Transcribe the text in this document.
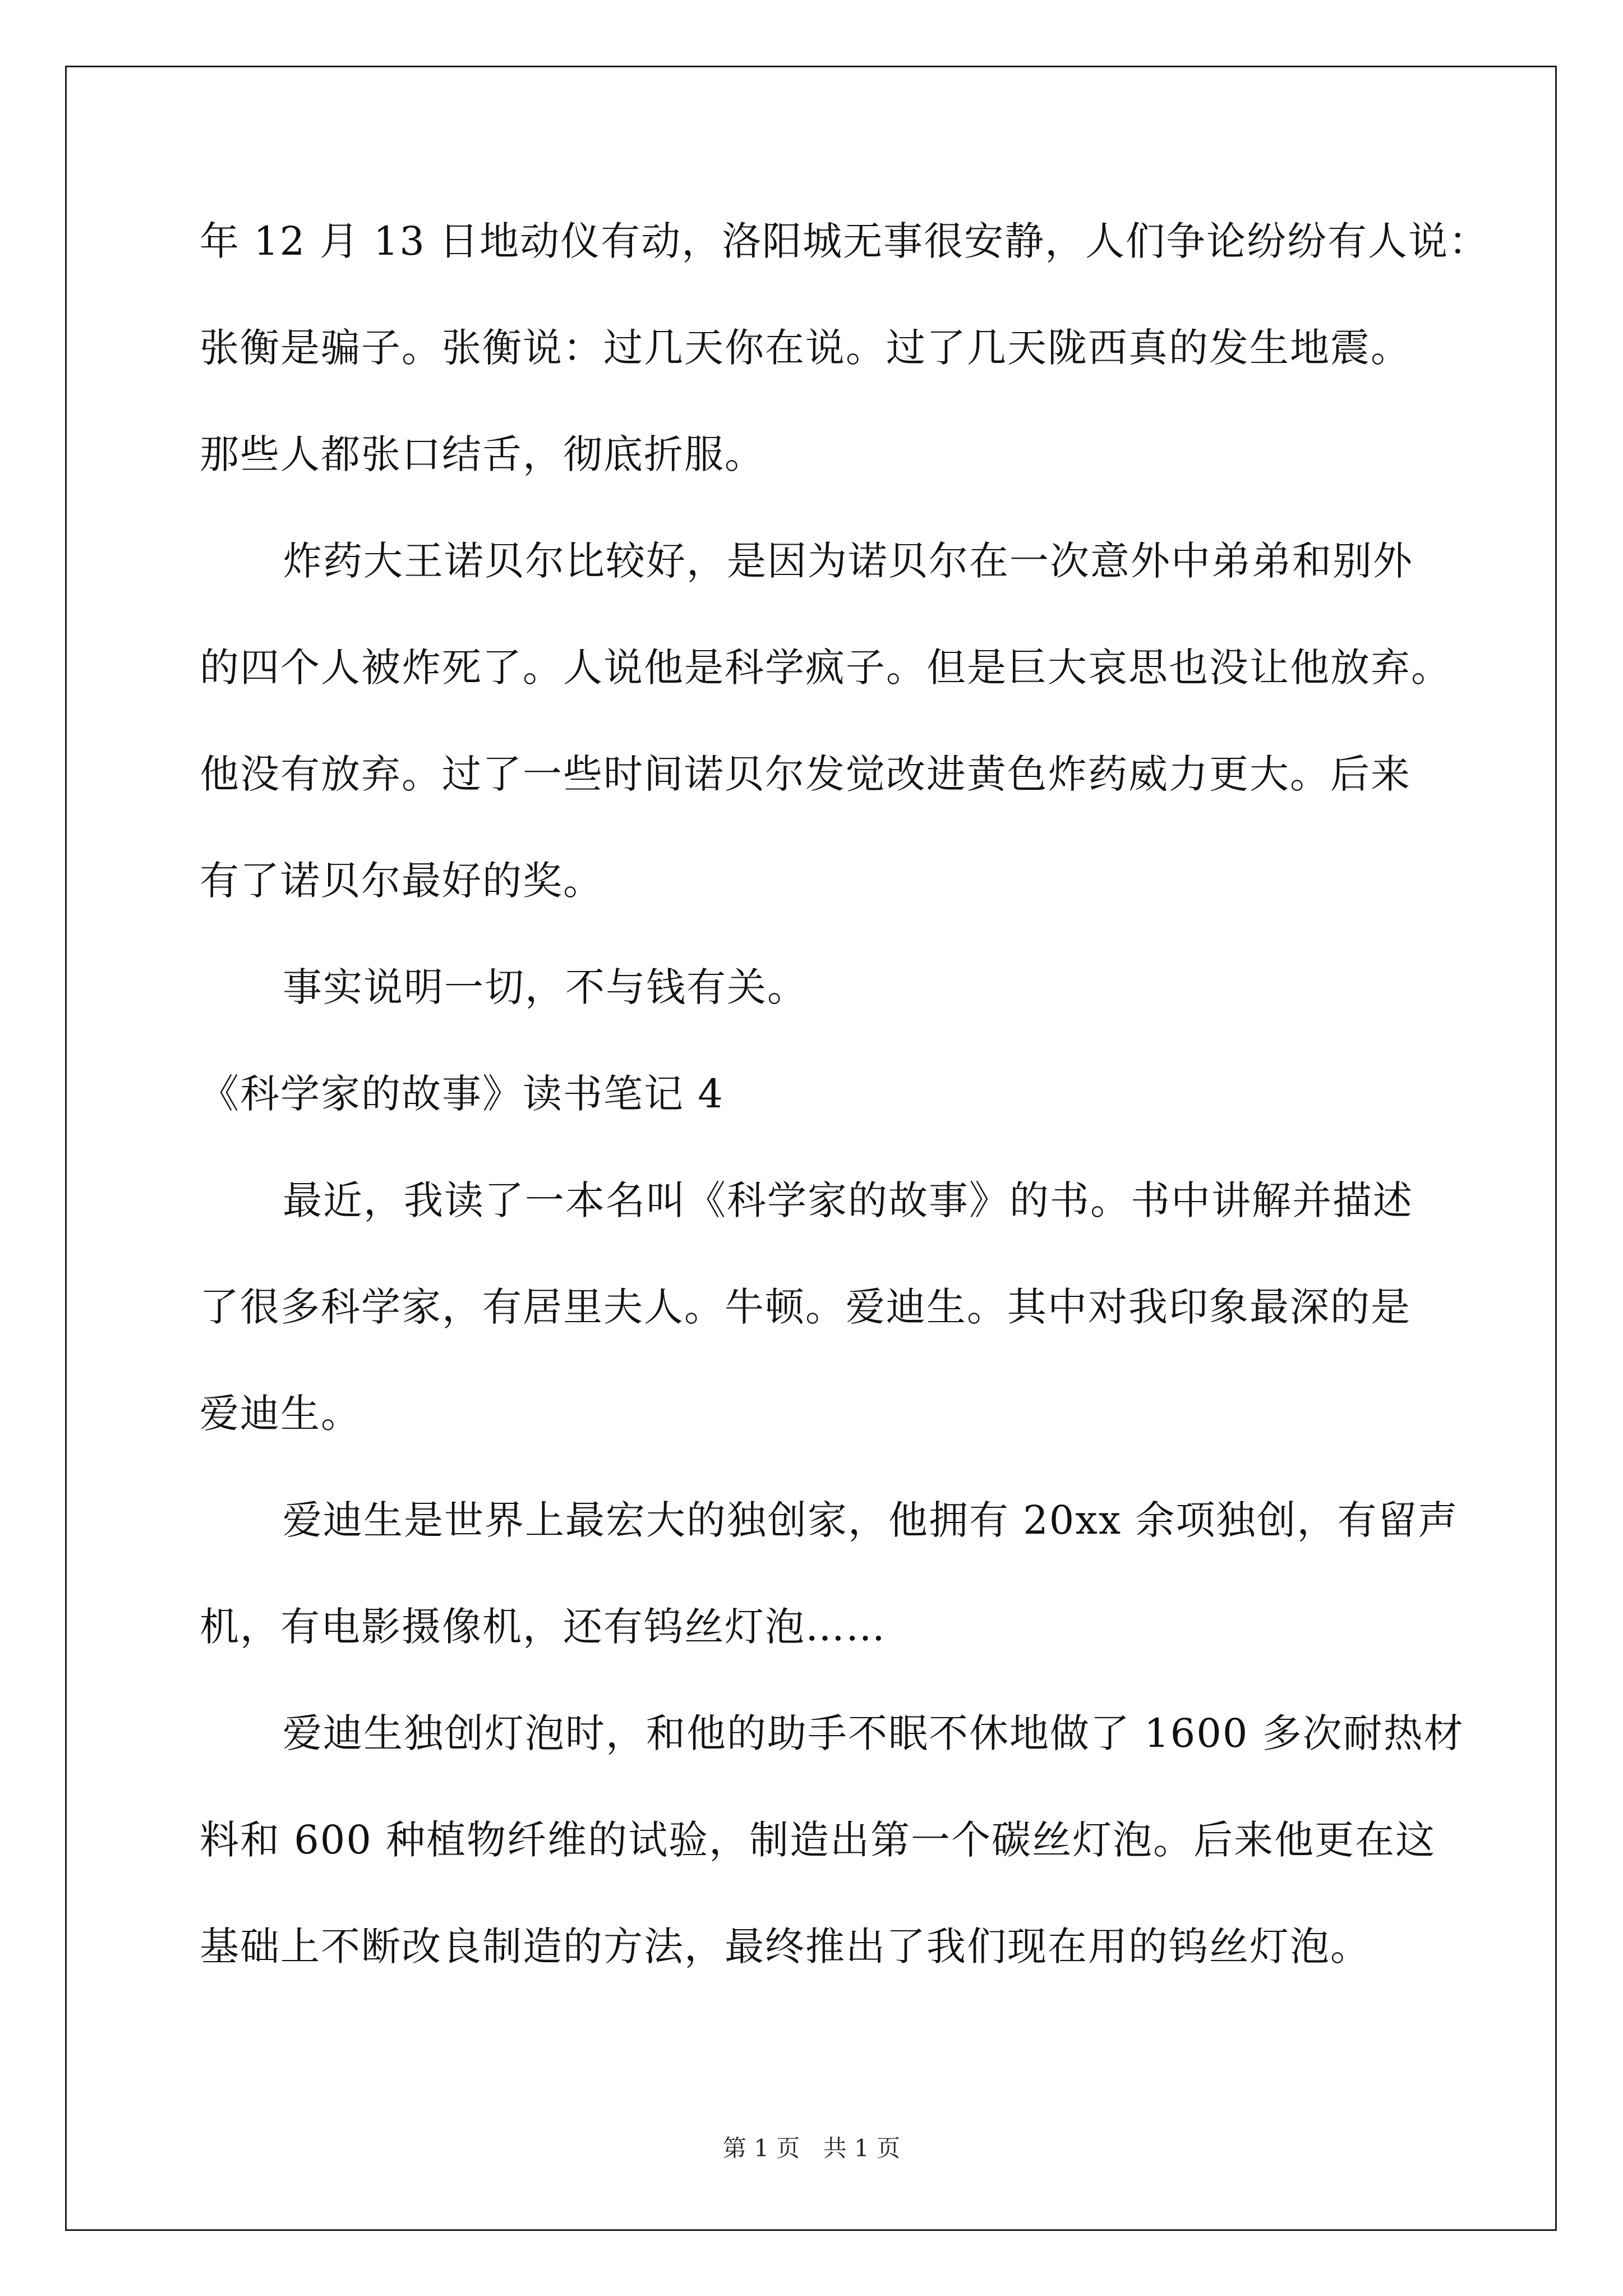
年 12 月 13 日地动仪有动，洛阳城无事很安静，人们争论纷纷有人说：
张衡是骗子。张衡说：过几天你在说。过了几天陇西真的发生地震。
那些人都张口结舌，彻底折服。
炸药大王诺贝尔比较好，是因为诺贝尔在一次意外中弟弟和别外
的四个人被炸死了。人说他是科学疯子。但是巨大哀思也没让他放弃。
他没有放弃。过了一些时间诺贝尔发觉改进黄色炸药威力更大。后来
有了诺贝尔最好的奖。
事实说明一切，不与钱有关。
《科学家的故事》读书笔记 4
最近，我读了一本名叫《科学家的故事》的书。书中讲解并描述
了很多科学家，有居里夫人。牛顿。爱迪生。其中对我印象最深的是
爱迪生。
爱迪生是世界上最宏大的独创家，他拥有 20xx 余项独创，有留声
机，有电影摄像机，还有钨丝灯泡……
爱迪生独创灯泡时，和他的助手不眠不休地做了 1600 多次耐热材
料和 600 种植物纤维的试验，制造出第一个碳丝灯泡。后来他更在这
基础上不断改良制造的方法，最终推出了我们现在用的钨丝灯泡。
第 1 页 共 1 页
